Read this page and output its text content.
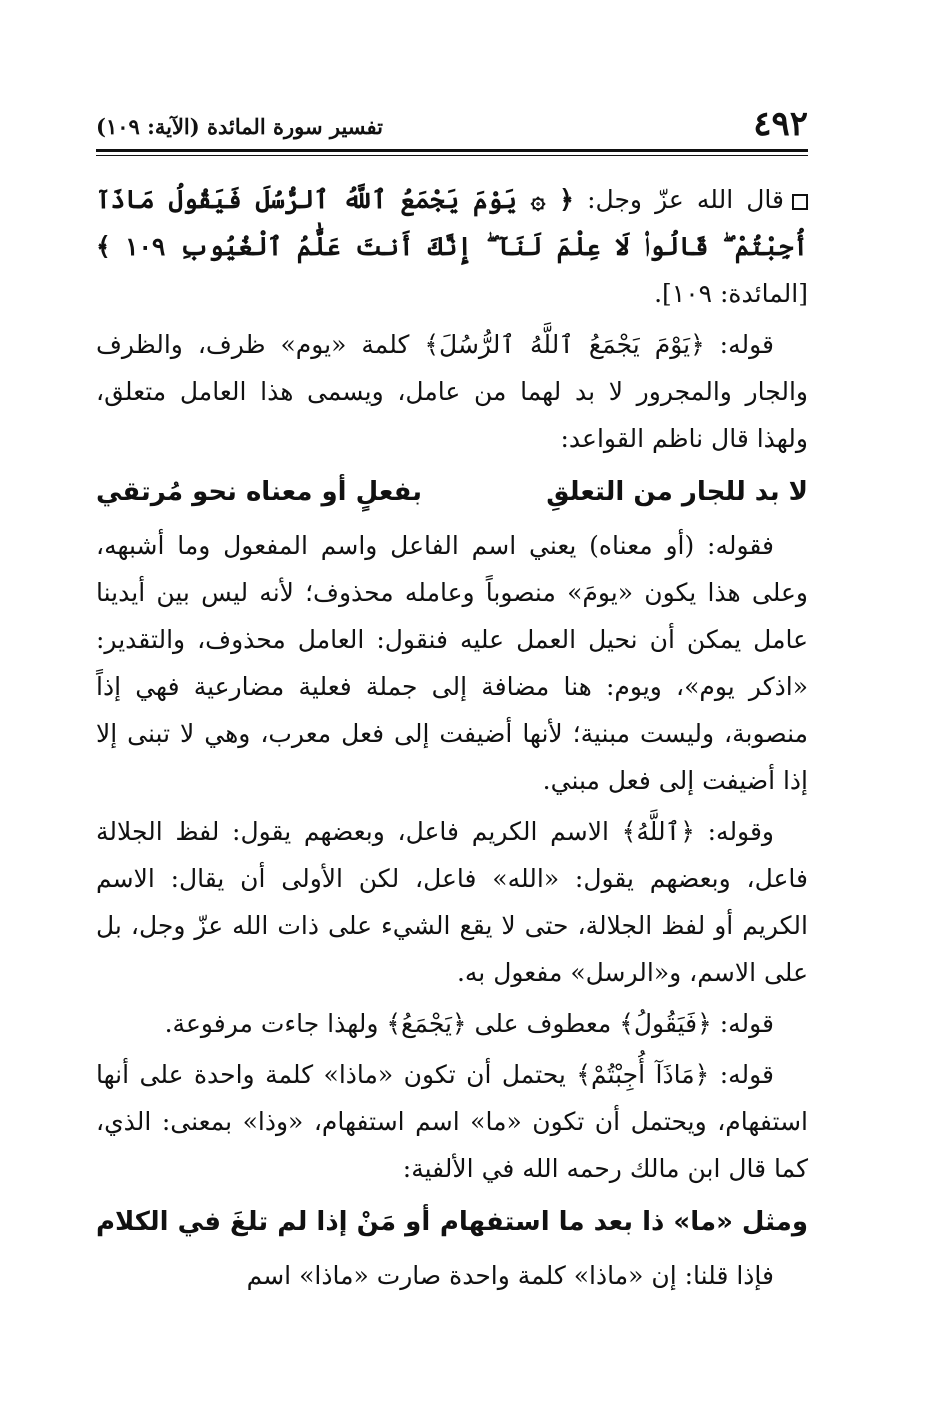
٤٩٢
تفسير سورة المائدة (الآية: ١٠٩)

قال الله عزّ وجل: ﴿ ۞ يَوْمَ يَجْمَعُ ٱللَّهُ ٱلرُّسُلَ فَيَقُولُ مَاذَآ أُجِبْتُمْ ۖ قَالُوا۟ لَا عِلْمَ لَنَآ ۖ إِنَّكَ أَنتَ عَلَّٰمُ ٱلْغُيُوبِ ١٠٩ ﴾ [المائدة: ١٠٩].

قوله: ﴿يَوْمَ يَجْمَعُ ٱللَّهُ ٱلرُّسُلَ﴾ كلمة «يوم» ظرف، والظرف والجار والمجرور لا بد لهما من عامل، ويسمى هذا العامل متعلق، ولهذا قال ناظم القواعد:

لا بد للجار من التعلقِ
بفعلٍ أو معناه نحو مُرتقي

فقوله: (أو معناه) يعني اسم الفاعل واسم المفعول وما أشبهه، وعلى هذا يكون «يومَ» منصوباً وعامله محذوف؛ لأنه ليس بين أيدينا عامل يمكن أن نحيل العمل عليه فنقول: العامل محذوف، والتقدير: «اذكر يوم»، ويوم: هنا مضافة إلى جملة فعلية مضارعية فهي إذاً منصوبة، وليست مبنية؛ لأنها أضيفت إلى فعل معرب، وهي لا تبنى إلا إذا أضيفت إلى فعل مبني.

وقوله: ﴿ٱللَّهُ﴾ الاسم الكريم فاعل، وبعضهم يقول: لفظ الجلالة فاعل، وبعضهم يقول: «الله» فاعل، لكن الأولى أن يقال: الاسم الكريم أو لفظ الجلالة، حتى لا يقع الشيء على ذات الله عزّ وجل، بل على الاسم، و«الرسل» مفعول به.

قوله: ﴿فَيَقُولُ﴾ معطوف على ﴿يَجْمَعُ﴾ ولهذا جاءت مرفوعة.

قوله: ﴿مَاذَآ أُجِبْتُمْ﴾ يحتمل أن تكون «ماذا» كلمة واحدة على أنها استفهام، ويحتمل أن تكون «ما» اسم استفهام، «وذا» بمعنى: الذي، كما قال ابن مالك رحمه الله في الألفية:

ومثل «ما» ذا بعد ما استفهام
أو مَنْ إذا لم تلغَ في الكلام

فإذا قلنا: إن «ماذا» كلمة واحدة صارت «ماذا» اسم
